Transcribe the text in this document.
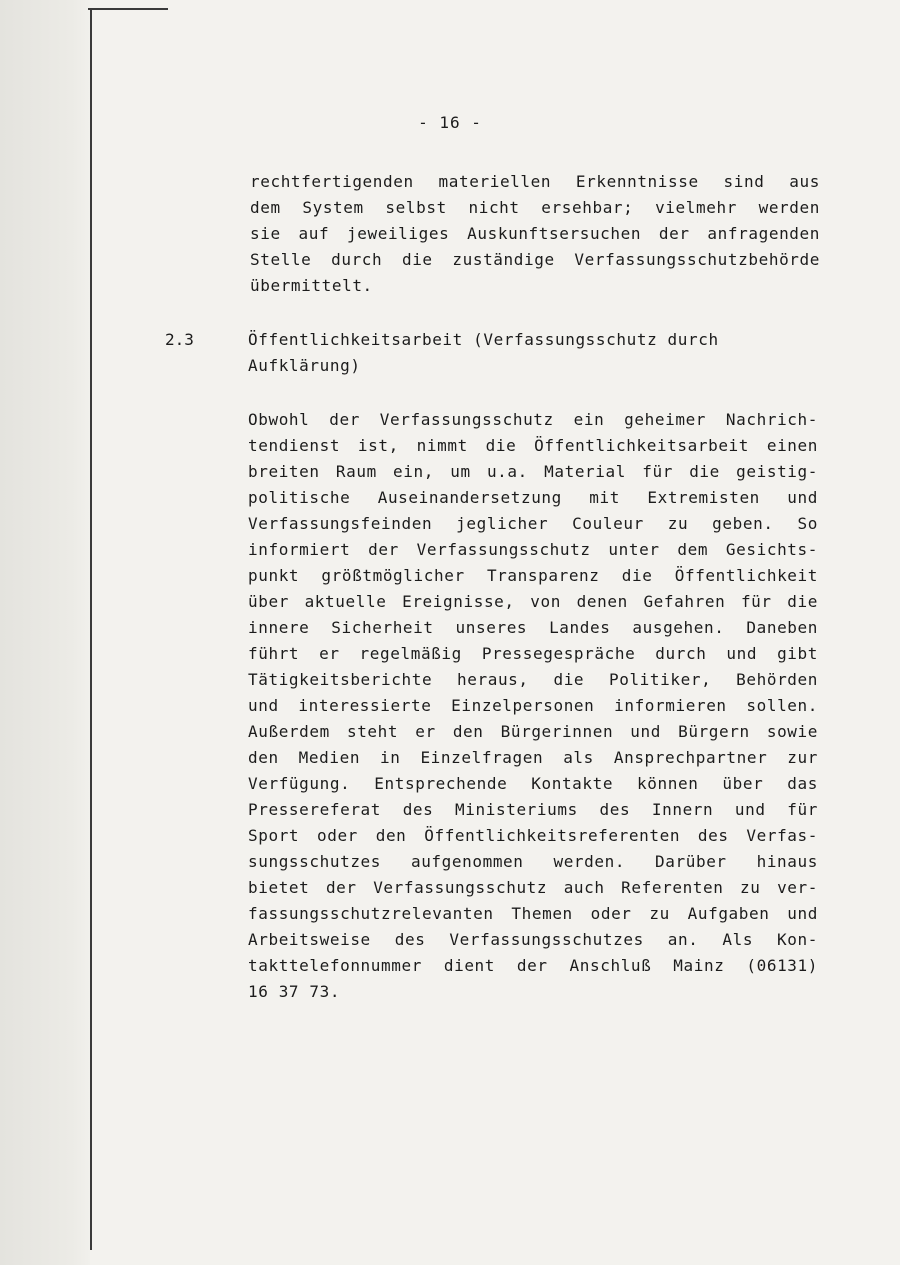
- 16 -
rechtfertigenden materiellen Erkenntnisse sind aus
dem System selbst nicht ersehbar; vielmehr werden
sie auf jeweiliges Auskunftsersuchen der anfragenden
Stelle durch die zuständige Verfassungsschutzbehörde
übermittelt.
2.3	Öffentlichkeitsarbeit (Verfassungsschutz durch
Aufklärung)
Obwohl der Verfassungsschutz ein geheimer Nachrich-
tendienst ist, nimmt die Öffentlichkeitsarbeit einen
breiten Raum ein, um u.a. Material für die geistig-
politische Auseinandersetzung mit Extremisten und
Verfassungsfeinden jeglicher Couleur zu geben. So
informiert der Verfassungsschutz unter dem Gesichts-
punkt größtmöglicher Transparenz die Öffentlichkeit
über aktuelle Ereignisse, von denen Gefahren für die
innere Sicherheit unseres Landes ausgehen. Daneben
führt er regelmäßig Pressegespräche durch und gibt
Tätigkeitsberichte heraus, die Politiker, Behörden
und interessierte Einzelpersonen informieren sollen.
Außerdem steht er den Bürgerinnen und Bürgern sowie
den Medien in Einzelfragen als Ansprechpartner zur
Verfügung. Entsprechende Kontakte können über das
Pressereferat des Ministeriums des Innern und für
Sport oder den Öffentlichkeitsreferenten des Verfas-
sungsschutzes aufgenommen werden. Darüber hinaus
bietet der Verfassungsschutz auch Referenten zu ver-
fassungsschutzrelevanten Themen oder zu Aufgaben und
Arbeitsweise des Verfassungsschutzes an. Als Kon-
takttelefonnummer dient der Anschluß Mainz (06131)
16 37 73.
